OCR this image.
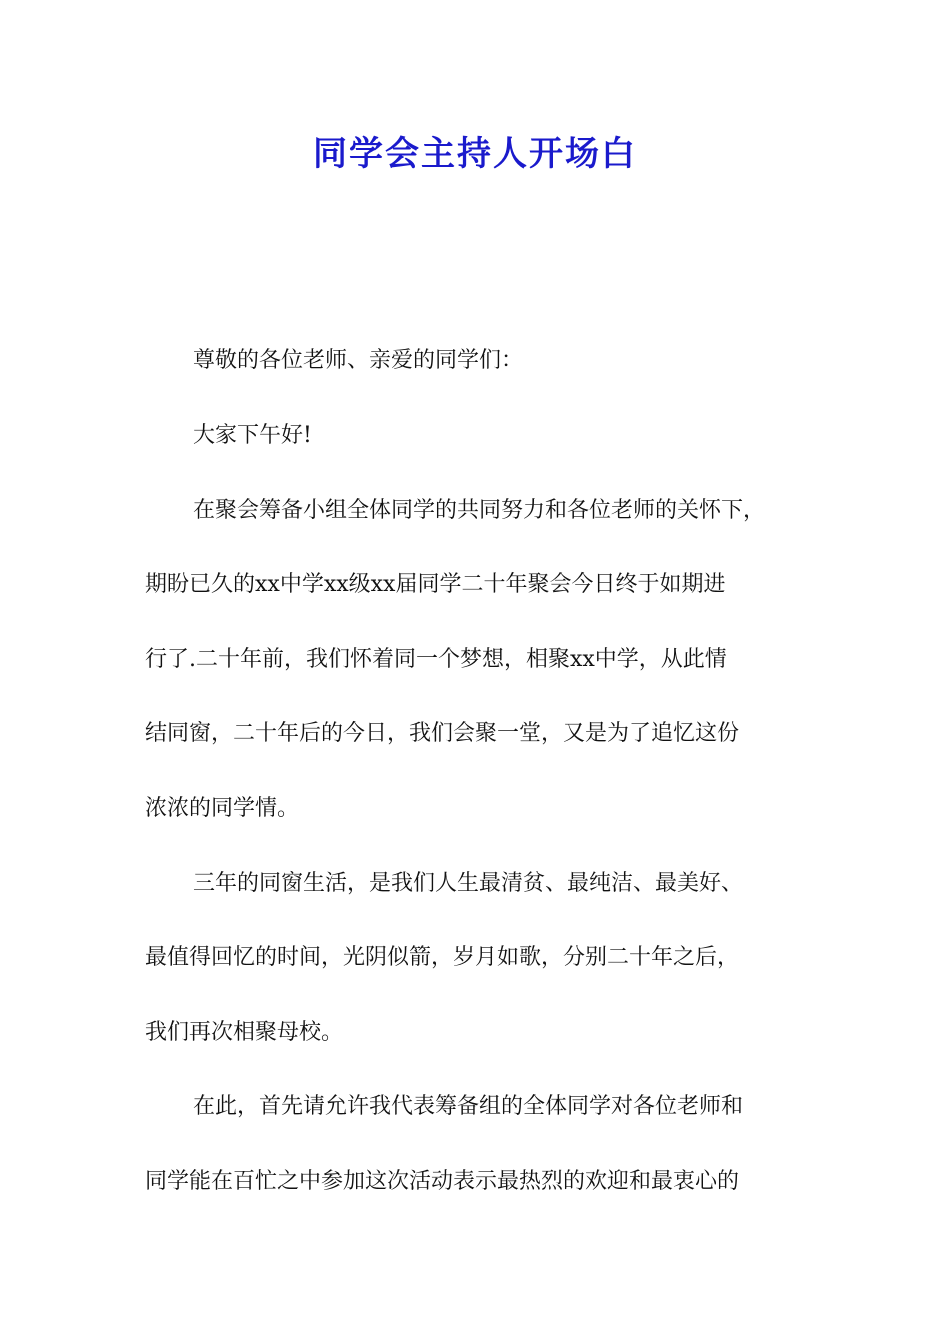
同学会主持人开场白
尊敬的各位老师、亲爱的同学们：
大家下午好!
在聚会筹备小组全体同学的共同努力和各位老师的关怀下，
期盼已久的xx中学xx级xx届同学二十年聚会今日终于如期进
行了.二十年前，我们怀着同一个梦想，相聚xx中学，从此情
结同窗，二十年后的今日，我们会聚一堂，又是为了追忆这份
浓浓的同学情。
三年的同窗生活，是我们人生最清贫、最纯洁、最美好、
最值得回忆的时间，光阴似箭，岁月如歌，分别二十年之后，
我们再次相聚母校。
在此，首先请允许我代表筹备组的全体同学对各位老师和
同学能在百忙之中参加这次活动表示最热烈的欢迎和最衷心的
